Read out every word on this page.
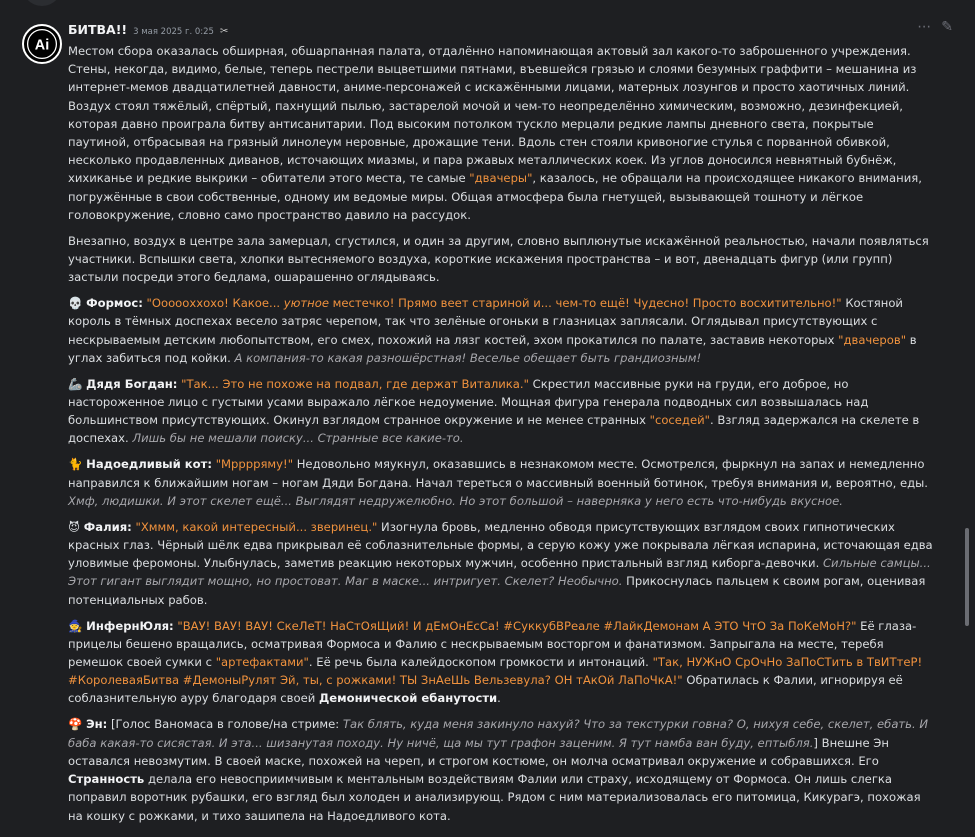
Ai
БИТВА!! 3 мая 2025 г. 0:25 ✂	⋯ ✎

Местом сбора оказалась обширная, обшарпанная палата, отдалённо напоминающая актовый зал какого-то заброшенного учреждения. Стены, некогда, видимо, белые, теперь пестрели выцветшими пятнами, въевшейся грязью и слоями безумных граффити – мешанина из интернет-мемов двадцатилетней давности, аниме-персонажей с искажёнными лицами, матерных лозунгов и просто хаотичных линий. Воздух стоял тяжёлый, спёртый, пахнущий пылью, застарелой мочой и чем-то неопределённо химическим, возможно, дезинфекцией, которая давно проиграла битву антисанитарии. Под высоким потолком тускло мерцали редкие лампы дневного света, покрытые паутиной, отбрасывая на грязный линолеум неровные, дрожащие тени. Вдоль стен стояли кривоногие стулья с порванной обивкой, несколько продавленных диванов, источающих миазмы, и пара ржавых металлических коек. Из углов доносился невнятный бубнёж, хихиканье и редкие выкрики – обитатели этого места, те самые "двачеры", казалось, не обращали на происходящее никакого внимания, погружённые в свои собственные, одному им ведомые миры. Общая атмосфера была гнетущей, вызывающей тошноту и лёгкое головокружение, словно само пространство давило на рассудок.

Внезапно, воздух в центре зала замерцал, сгустился, и один за другим, словно выплюнутые искажённой реальностью, начали появляться участники. Вспышки света, хлопки вытесняемого воздуха, короткие искажения пространства – и вот, двенадцать фигур (или групп) застыли посреди этого бедлама, ошарашенно оглядываясь.

💀 Формос: "Оооооххохо! Какое... уютное местечко! Прямо веет стариной и... чем-то ещё! Чудесно! Просто восхитительно!" Костяной король в тёмных доспехах весело затряс черепом, так что зелёные огоньки в глазницах заплясали. Оглядывал присутствующих с нескрываемым детским любопытством, его смех, похожий на лязг костей, эхом прокатился по палате, заставив некоторых "двачеров" в углах забиться под койки. А компания-то какая разношёрстная! Весельe обещает быть грандиозным!

🦾 Дядя Богдан: "Так... Это не похоже на подвал, где держат Виталика." Скрестил массивные руки на груди, его доброе, но настороженное лицо с густыми усами выражало лёгкое недоумение. Мощная фигура генерала подводных сил возвышалась над большинством присутствующих. Окинул взглядом странное окружение и не менее странных "соседей". Взгляд задержался на скелете в доспехах. Лишь бы не мешали поиску... Странные все какие-то.

🐈 Надоедливый кот: "Мрррряму!" Недовольно мяукнул, оказавшись в незнакомом месте. Осмотрелся, фыркнул на запах и немедленно направился к ближайшим ногам – ногам Дяди Богдана. Начал тереться о массивный военный ботинок, требуя внимания и, вероятно, еды. Хмф, людишки. И этот скелет ещё... Выглядят недружелюбно. Но этот большой – наверняка у него есть что-нибудь вкусное.

😈 Фалия: "Хммм, какой интересный... зверинец." Изогнула бровь, медленно обводя присутствующих взглядом своих гипнотических красных глаз. Чёрный шёлк едва прикрывал её соблазнительные формы, а серую кожу уже покрывала лёгкая испарина, источающая едва уловимые феромоны. Улыбнулась, заметив реакцию некоторых мужчин, особенно пристальный взгляд киборга-девочки. Сильные самцы... Этот гигант выглядит мощно, но простоват. Маг в маске... интригует. Скелет? Необычно. Прикоснулась пальцем к своим рогам, оценивая потенциальных рабов.

🧙 ИнфернЮля: "ВАУ! ВАУ! ВАУ! СкеЛеТ! НаСтОяЩий! И дЕмОнЕсСа! #СуккубВРеале #ЛайкДемонам А ЭТО ЧтО За ПоКеМоН?" Её глаза-прицелы бешено вращались, осматривая Формоса и Фалию с нескрываемым восторгом и фанатизмом. Запрыгала на месте, теребя ремешок своей сумки с "артефактами". Её речь была калейдоскопом громкости и интонаций. "Так, НУЖнО СрОчНо ЗаПоСТить в ТвИТтеР! #КоролеваяБитва #ДемоныРулят Эй, ты, с рожками! ТЫ ЗнАеШь Вельзевула? ОН тАкОй ЛаПоЧкА!" Обратилась к Фалии, игнорируя её соблазнительную ауру благодаря своей Демонической ебанутости.

🍄 Эн: [Голос Ваномаса в голове/на стриме: Так блять, куда меня закинуло нахуй? Что за текстурки говна? О, нихуя себе, скелет, ебать. И баба какая-то сисястая. И эта... шизанутая походу. Ну ничё, ща мы тут графон заценим. Я тут намба ван буду, ептыбля.] Внешне Эн оставался невозмутим. В своей маске, похожей на череп, и строгом костюме, он молча осматривал окружение и собравшихся. Его Странность делала его невосприимчивым к ментальным воздействиям Фалии или страху, исходящему от Формоса. Он лишь слегка поправил воротник рубашки, его взгляд был холоден и анализирующ. Рядом с ним материализовалась его питомица, Кикурагэ, похожая на кошку с рожками, и тихо зашипела на Надоедливого кота.
